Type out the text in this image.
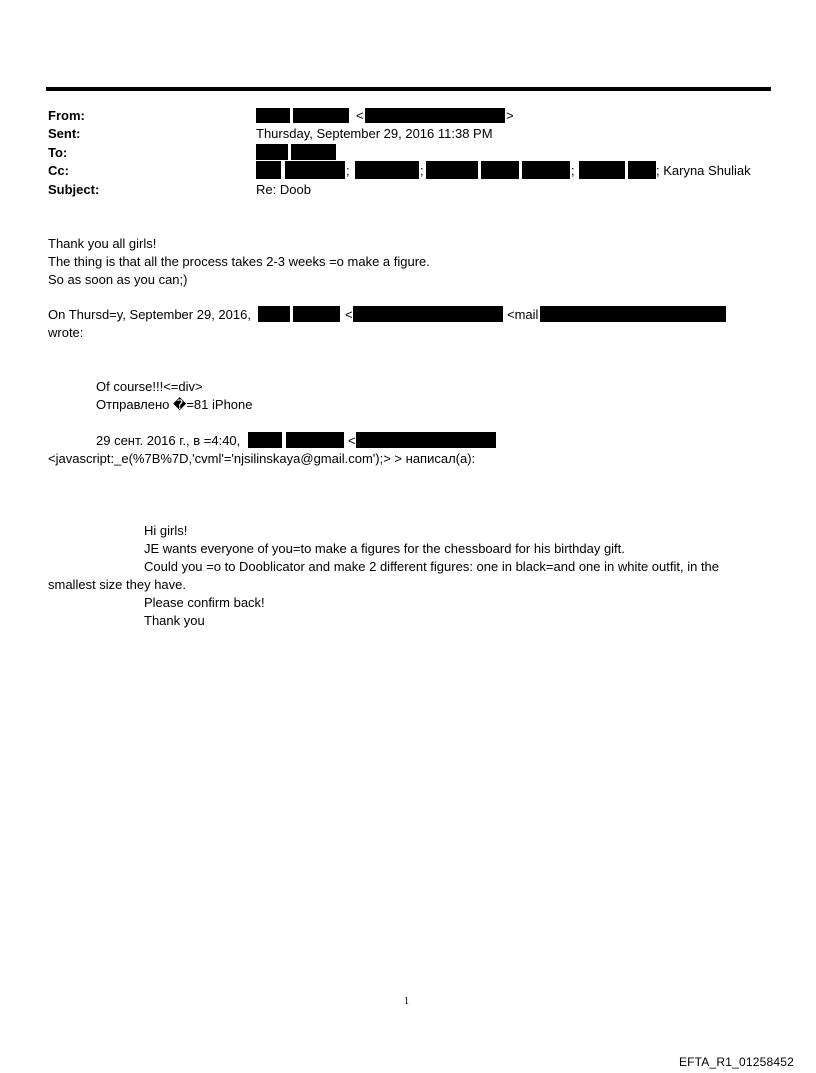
From:	<	>
Sent:	Thursday, September 29, 2016 11:38 PM
To:
Cc:	;	;	;	; Karyna Shuliak
Subject:	Re: Doob
Thank you all girls!
The thing is that all the process takes 2-3 weeks =o make a figure.
So as soon as you can;)
On Thursd=y, September 29, 2016,	<	<mail
wrote:
Of course!!!<=div>
Отправлено �=81 iPhone
29 сент. 2016 г., в =4:40,	<
<javascript:_e(%7B%7D,'cvml'='njsilinskaya@gmail.com');> > написал(а):
Hi girls!
JE wants everyone of you=to make a figures for the chessboard for his birthday gift.
Could you =o to Dooblicator and make 2 different figures: one in black=and one in white outfit, in the
smallest size they have.
Please confirm back!
Thank you
1
EFTA_R1_01258452
